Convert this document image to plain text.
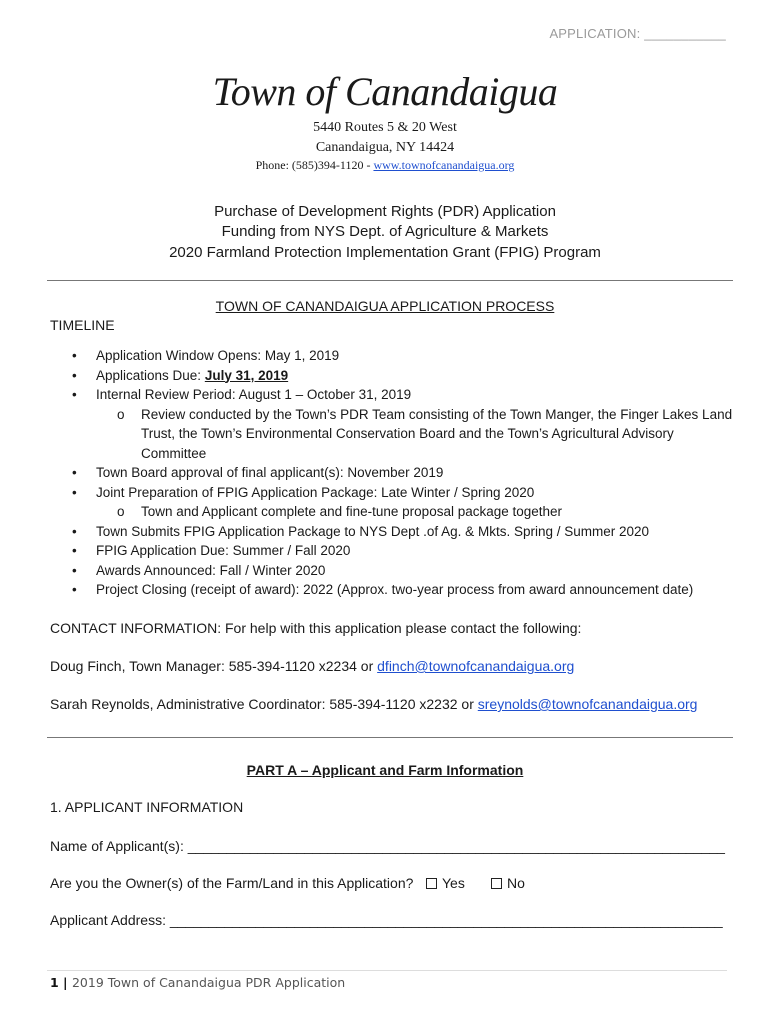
APPLICATION: ___________
Town of Canandaigua
5440 Routes 5 & 20 West
Canandaigua, NY 14424
Phone: (585)394-1120 - www.townofcanandaigua.org
Purchase of Development Rights (PDR) Application
Funding from NYS Dept. of Agriculture & Markets
2020 Farmland Protection Implementation Grant (FPIG) Program
TOWN OF CANANDAIGUA APPLICATION PROCESS
TIMELINE
• Application Window Opens: May 1, 2019
• Applications Due: July 31, 2019
• Internal Review Period: August 1 – October 31, 2019
o Review conducted by the Town’s PDR Team consisting of the Town Manger, the Finger Lakes Land Trust, the Town’s Environmental Conservation Board and the Town’s Agricultural Advisory Committee
• Town Board approval of final applicant(s): November 2019
• Joint Preparation of FPIG Application Package: Late Winter / Spring 2020
o Town and Applicant complete and fine-tune proposal package together
• Town Submits FPIG Application Package to NYS Dept .of Ag. & Mkts. Spring / Summer 2020
• FPIG Application Due: Summer / Fall 2020
• Awards Announced: Fall / Winter 2020
• Project Closing (receipt of award): 2022 (Approx. two-year process from award announcement date)
CONTACT INFORMATION: For help with this application please contact the following:
Doug Finch, Town Manager: 585-394-1120 x2234 or dfinch@townofcanandaigua.org
Sarah Reynolds, Administrative Coordinator: 585-394-1120 x2232 or sreynolds@townofcanandaigua.org
PART A – Applicant and Farm Information
1. APPLICANT INFORMATION
Name of Applicant(s): _____________________________________________________________________
Are you the Owner(s) of the Farm/Land in this Application?	Yes	No
Applicant Address: _______________________________________________________________________
1 | 2019 Town of Canandaigua PDR Application
